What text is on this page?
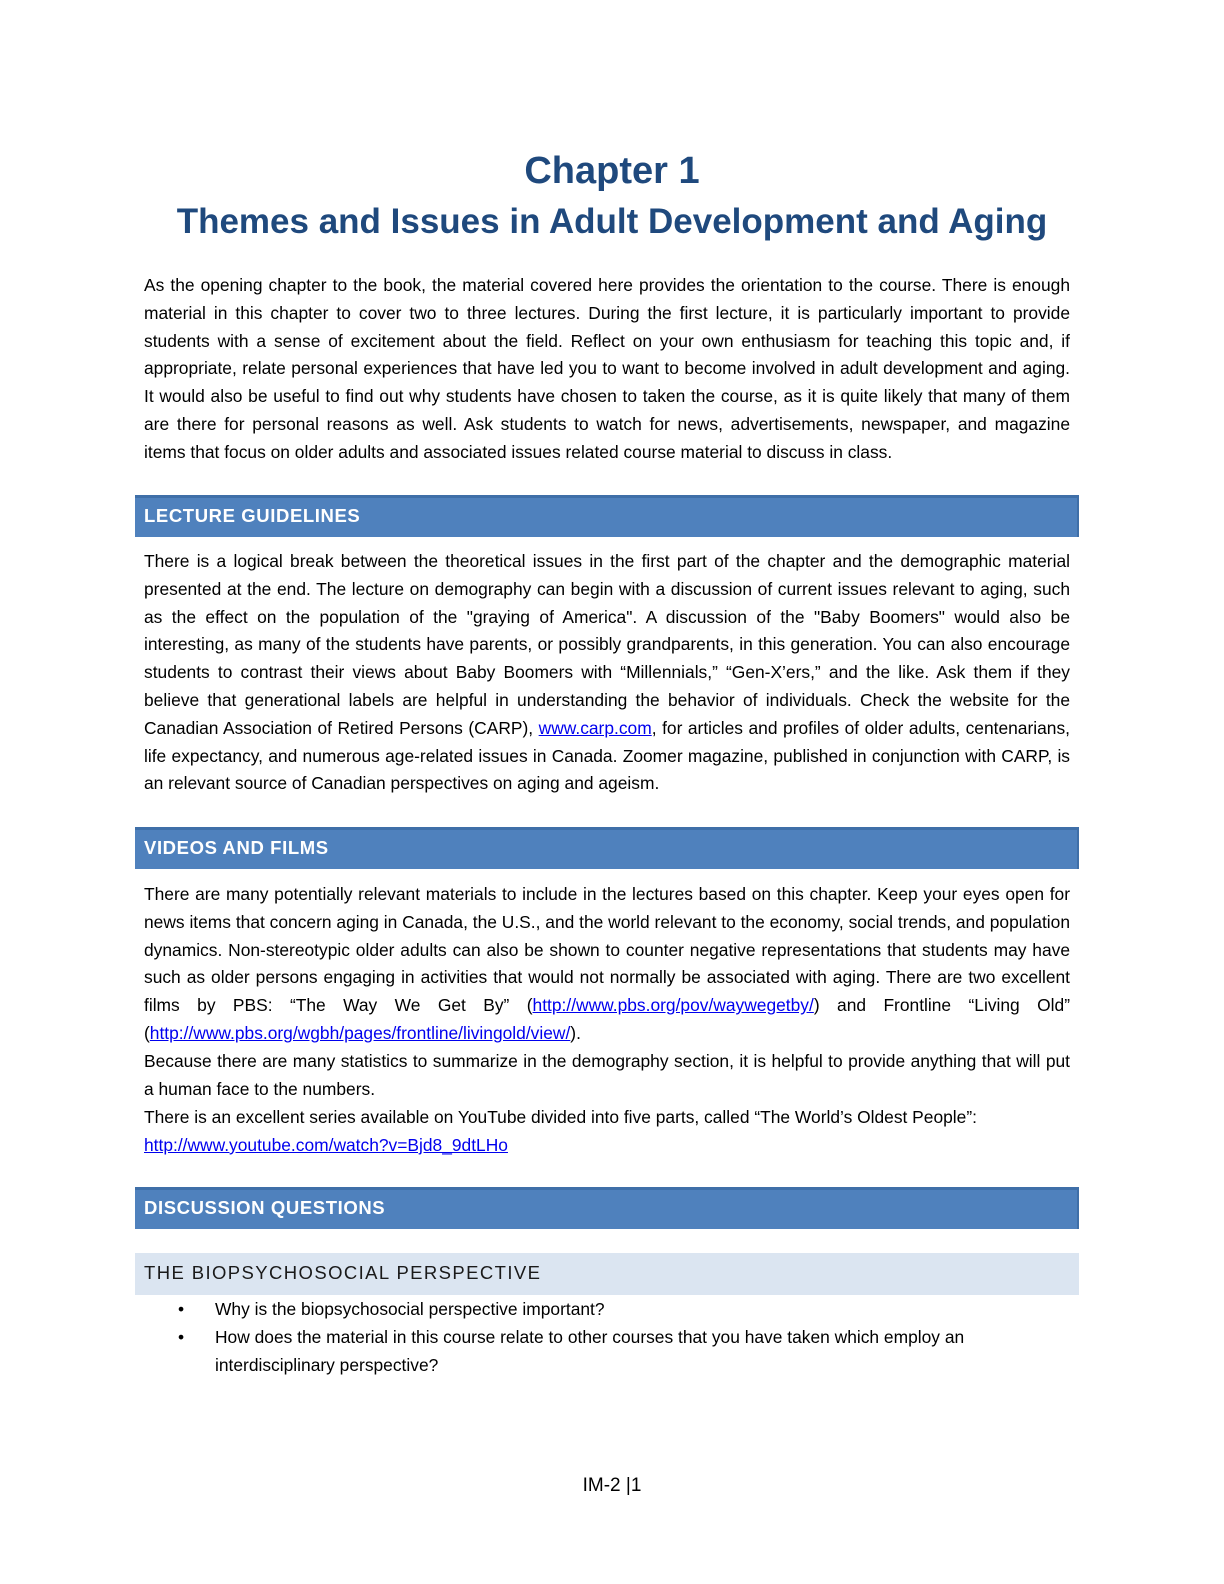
Chapter 1
Themes and Issues in Adult Development and Aging

As the opening chapter to the book, the material covered here provides the orientation to the course. There is enough material in this chapter to cover two to three lectures. During the first lecture, it is particularly important to provide students with a sense of excitement about the field. Reflect on your own enthusiasm for teaching this topic and, if appropriate, relate personal experiences that have led you to want to become involved in adult development and aging. It would also be useful to find out why students have chosen to taken the course, as it is quite likely that many of them are there for personal reasons as well. Ask students to watch for news, advertisements, newspaper, and magazine items that focus on older adults and associated issues related course material to discuss in class.

LECTURE GUIDELINES

There is a logical break between the theoretical issues in the first part of the chapter and the demographic material presented at the end. The lecture on demography can begin with a discussion of current issues relevant to aging, such as the effect on the population of the "graying of America". A discussion of the "Baby Boomers" would also be interesting, as many of the students have parents, or possibly grandparents, in this generation. You can also encourage students to contrast their views about Baby Boomers with “Millennials,” “Gen-X’ers,” and the like. Ask them if they believe that generational labels are helpful in understanding the behavior of individuals. Check the website for the Canadian Association of Retired Persons (CARP), www.carp.com, for articles and profiles of older adults, centenarians, life expectancy, and numerous age-related issues in Canada. Zoomer magazine, published in conjunction with CARP, is an relevant source of Canadian perspectives on aging and ageism.

VIDEOS AND FILMS

There are many potentially relevant materials to include in the lectures based on this chapter. Keep your eyes open for news items that concern aging in Canada, the U.S., and the world relevant to the economy, social trends, and population dynamics. Non-stereotypic older adults can also be shown to counter negative representations that students may have such as older persons engaging in activities that would not normally be associated with aging. There are two excellent films by PBS: “The Way We Get By” (http://www.pbs.org/pov/waywegetby/) and Frontline “Living Old” (http://www.pbs.org/wgbh/pages/frontline/livingold/view/).

Because there are many statistics to summarize in the demography section, it is helpful to provide anything that will put a human face to the numbers.

There is an excellent series available on YouTube divided into five parts, called “The World’s Oldest People”:
http://www.youtube.com/watch?v=Bjd8_9dtLHo

DISCUSSION QUESTIONS
THE BIOPSYCHOSOCIAL PERSPECTIVE
• Why is the biopsychosocial perspective important?
• How does the material in this course relate to other courses that you have taken which employ an interdisciplinary perspective?
IM-2 |1
